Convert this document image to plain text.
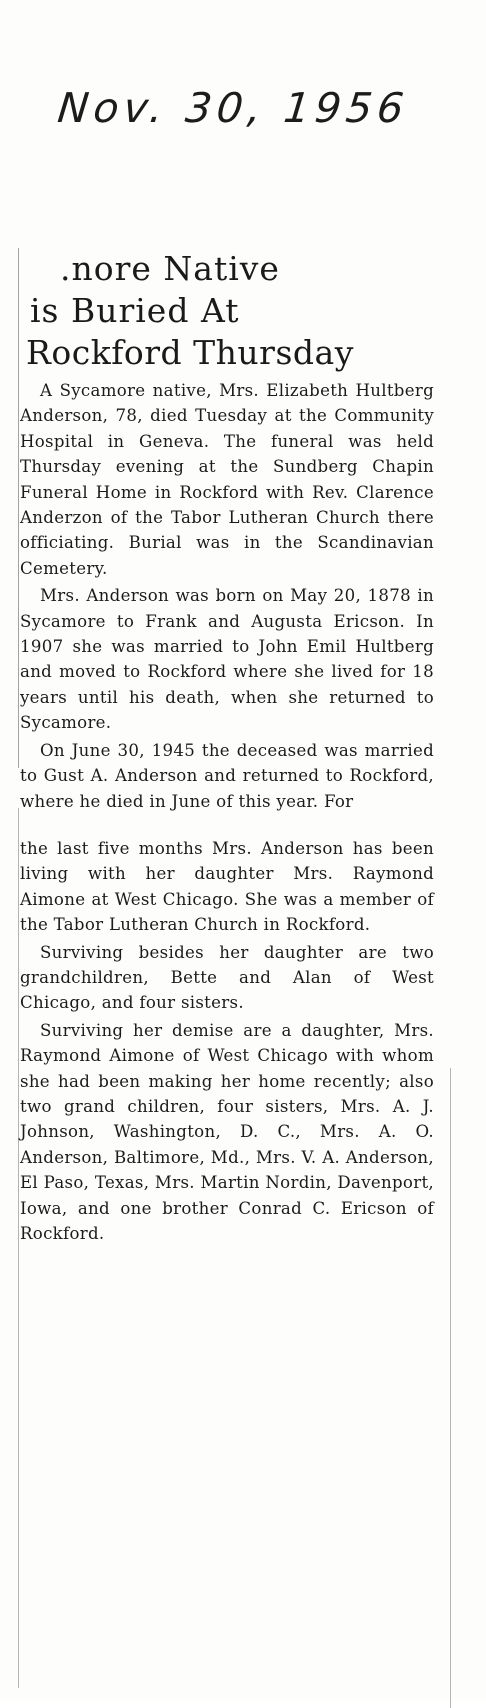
Nov. 30, 1956
.nore Native
is Buried At
Rockford Thursday

A Sycamore native, Mrs. Elizabeth Hultberg Anderson, 78, died Tuesday at the Community Hospital in Geneva. The funeral was held Thursday evening at the Sundberg Chapin Funeral Home in Rockford with Rev. Clarence Anderzon of the Tabor Lutheran Church there officiating. Burial was in the Scandinavian Cemetery.

Mrs. Anderson was born on May 20, 1878 in Sycamore to Frank and Augusta Ericson. In 1907 she was married to John Emil Hultberg and moved to Rockford where she lived for 18 years until his death, when she returned to Sycamore.

On June 30, 1945 the deceased was married to Gust A. Anderson and returned to Rockford, where he died in June of this year. For

the last five months Mrs. Anderson has been living with her daughter Mrs. Raymond Aimone at West Chicago. She was a member of the Tabor Lutheran Church in Rockford.

Surviving besides her daughter are two grandchildren, Bette and Alan of West Chicago, and four sisters.

Surviving her demise are a daughter, Mrs. Raymond Aimone of West Chicago with whom she had been making her home recently; also two grand children, four sisters, Mrs. A. J. Johnson, Washington, D. C., Mrs. A. O. Anderson, Baltimore, Md., Mrs. V. A. Anderson, El Paso, Texas, Mrs. Martin Nordin, Davenport, Iowa, and one brother Conrad C. Ericson of Rockford.
